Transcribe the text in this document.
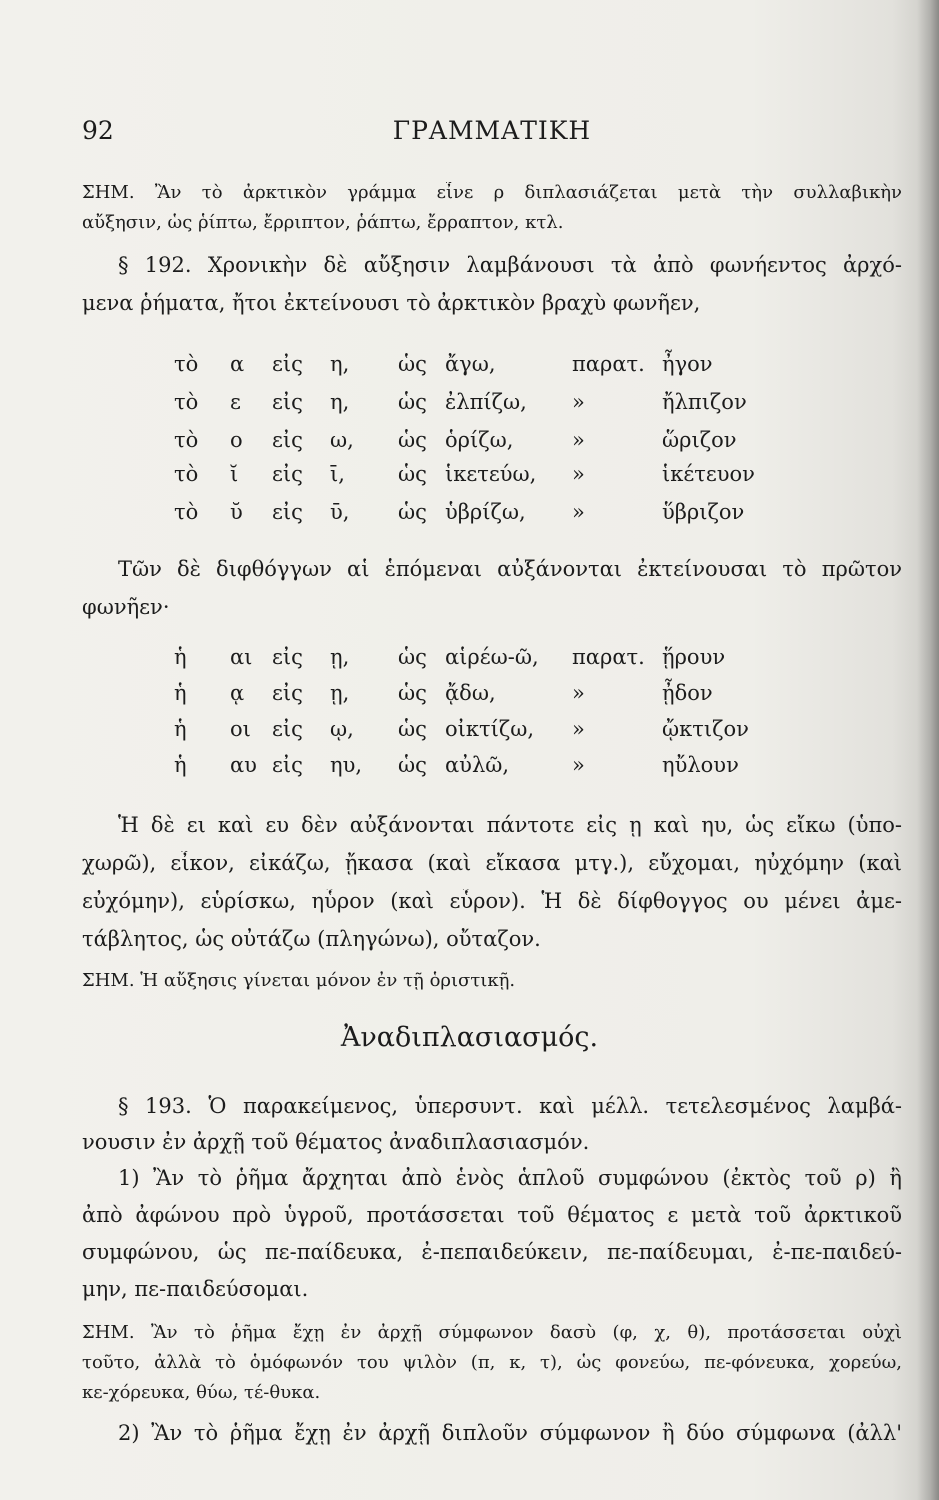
92	ΓΡΑΜΜΑΤΙΚΗ
ΣΗΜ. Ἂν τὸ ἀρκτικὸν γράμμα εἶνε ρ διπλασιάζεται μετὰ τὴν συλλαβικὴν
αὔξησιν, ὡς ῥίπτω, ἔρριπτον, ῥάπτω, ἔρραπτον, κτλ.
§ 192. Χρονικὴν δὲ αὔξησιν λαμβάνουσι τὰ ἀπὸ φωνήεντος ἀρχό-
μενα ῥήματα, ἤτοι ἐκτείνουσι τὸ ἀρκτικὸν βραχὺ φωνῆεν,
τὸ α εἰς η, ὡς ἄγω,	παρατ. ἦγον
τὸ ε εἰς η, ὡς ἐλπίζω, »	ἤλπιζον
τὸ ο εἰς ω, ὡς ὁρίζω,	»	ὥριζον
τὸ ῐ εἰς ῑ,	ὡς ἱκετεύω, »	ἱκέτευον
τὸ ῠ εἰς ῡ, ὡς ὑβρίζω, »	ὕβριζον
Τῶν δὲ διφθόγγων αἱ ἑπόμεναι αὐξάνονται ἐκτείνουσαι τὸ πρῶτον
φωνῆεν·
ἡ αι εἰς ῃ, ὡς αἱρέω-ῶ, παρατ. ᾕρουν
ἡ ᾳ εἰς ῃ, ὡς ᾄδω,	»	ᾖδον
ἡ οι εἰς ῳ, ὡς οἰκτίζω, »	ᾤκτιζον
ἡ αυ εἰς ηυ, ὡς αὐλῶ,	»	ηὔλουν
Ἡ δὲ ει καὶ ευ δὲν αὐξάνονται πάντοτε εἰς ῃ καὶ ηυ, ὡς εἴκω (ὑπο-
χωρῶ), εἶκον, εἰκάζω, ᾔκασα (καὶ εἴκασα μτγ.), εὔχομαι, ηὐχόμην (καὶ
εὐχόμην), εὑρίσκω, ηὗρον (καὶ εὗρον). Ἡ δὲ δίφθογγος ου μένει ἀμε-
τάβλητος, ὡς οὐτάζω (πληγώνω), οὔταζον.
ΣΗΜ. Ἡ αὔξησις γίνεται μόνον ἐν τῇ ὁριστικῇ.
Ἀναδιπλασιασμός.
§ 193. Ὁ παρακείμενος, ὑπερσυντ. καὶ μέλλ. τετελεσμένος λαμβά-
νουσιν ἐν ἀρχῇ τοῦ θέματος ἀναδιπλασιασμόν.
1) Ἂν τὸ ῥῆμα ἄρχηται ἀπὸ ἑνὸς ἁπλοῦ συμφώνου (ἐκτὸς τοῦ ρ) ἢ
ἀπὸ ἀφώνου πρὸ ὑγροῦ, προτάσσεται τοῦ θέματος ε μετὰ τοῦ ἀρκτικοῦ
συμφώνου, ὡς πε-παίδευκα, ἐ-πεπαιδεύκειν, πε-παίδευμαι, ἐ-πε-παιδεύ-
μην, πε-παιδεύσομαι.
ΣΗΜ. Ἂν τὸ ῥῆμα ἔχῃ ἐν ἀρχῇ σύμφωνον δασὺ (φ, χ, θ), προτάσσεται οὐχὶ
τοῦτο, ἀλλὰ τὸ ὁμόφωνόν του ψιλὸν (π, κ, τ), ὡς φονεύω, πε-φόνευκα, χορεύω,
κε-χόρευκα, θύω, τέ-θυκα.
2) Ἂν τὸ ῥῆμα ἔχῃ ἐν ἀρχῇ διπλοῦν σύμφωνον ἢ δύο σύμφωνα (ἀλλ'
